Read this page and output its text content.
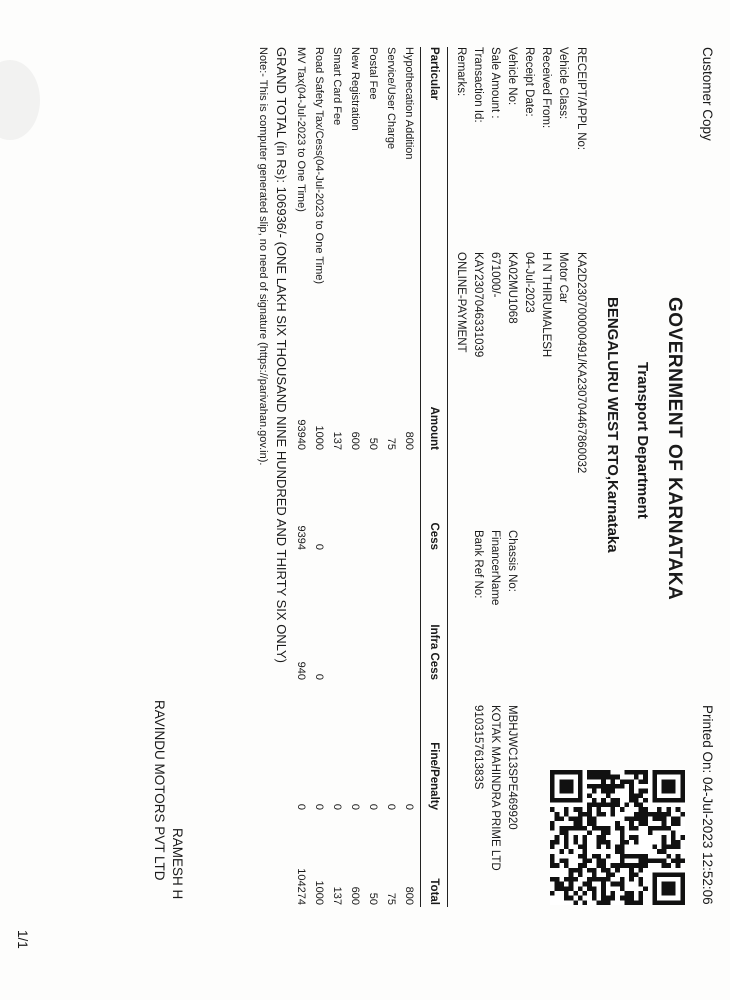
Customer Copy
Printed On: 04-Jul-2023 12:52:06
GOVERNMENT OF KARNATAKA
Transport Department
BENGALURU WEST RTO,Karnataka
RECEIPT/APPL No:
KA2D230700000491/KA230704467860032
Vehicle Class:
Motor Car
Received From:
H N THIRUMALESH
Receipt Date:
04-Jul-2023
Vehicle No:
KA02MU1068
Chassis No:
MBHJWC13SPE469920
Sale Amount :
671000/-
FinancerName
KOTAK MAHINDRA PRIME LTD
Transaction Id:
KAY2307046331039
Bank Ref No:
910315761383S
Remarks:
ONLINE-PAYMENT
Particular
Amount
Cess
Infra Cess
Fine/Penalty
Total
Hypothecation Addition
800
0
800
Service/User Charge
75
0
75
Postal Fee
50
0
50
New Registration
600
0
600
Smart Card Fee
137
0
137
Road Safety Tax/Cess(04-Jul-2023 to One Time)
1000
0
0
0
1000
MV Tax(04-Jul-2023 to One Time)
93940
9394
940
0
104274
GRAND TOTAL (in Rs): 106936/- (ONE LAKH SIX THOUSAND NINE HUNDRED AND THIRTY SIX ONLY)
Note:- This is computer generated slip, no need of signature (https://parivahan.gov.in).
RAMESH H
RAVINDU MOTORS PVT LTD
1/1
